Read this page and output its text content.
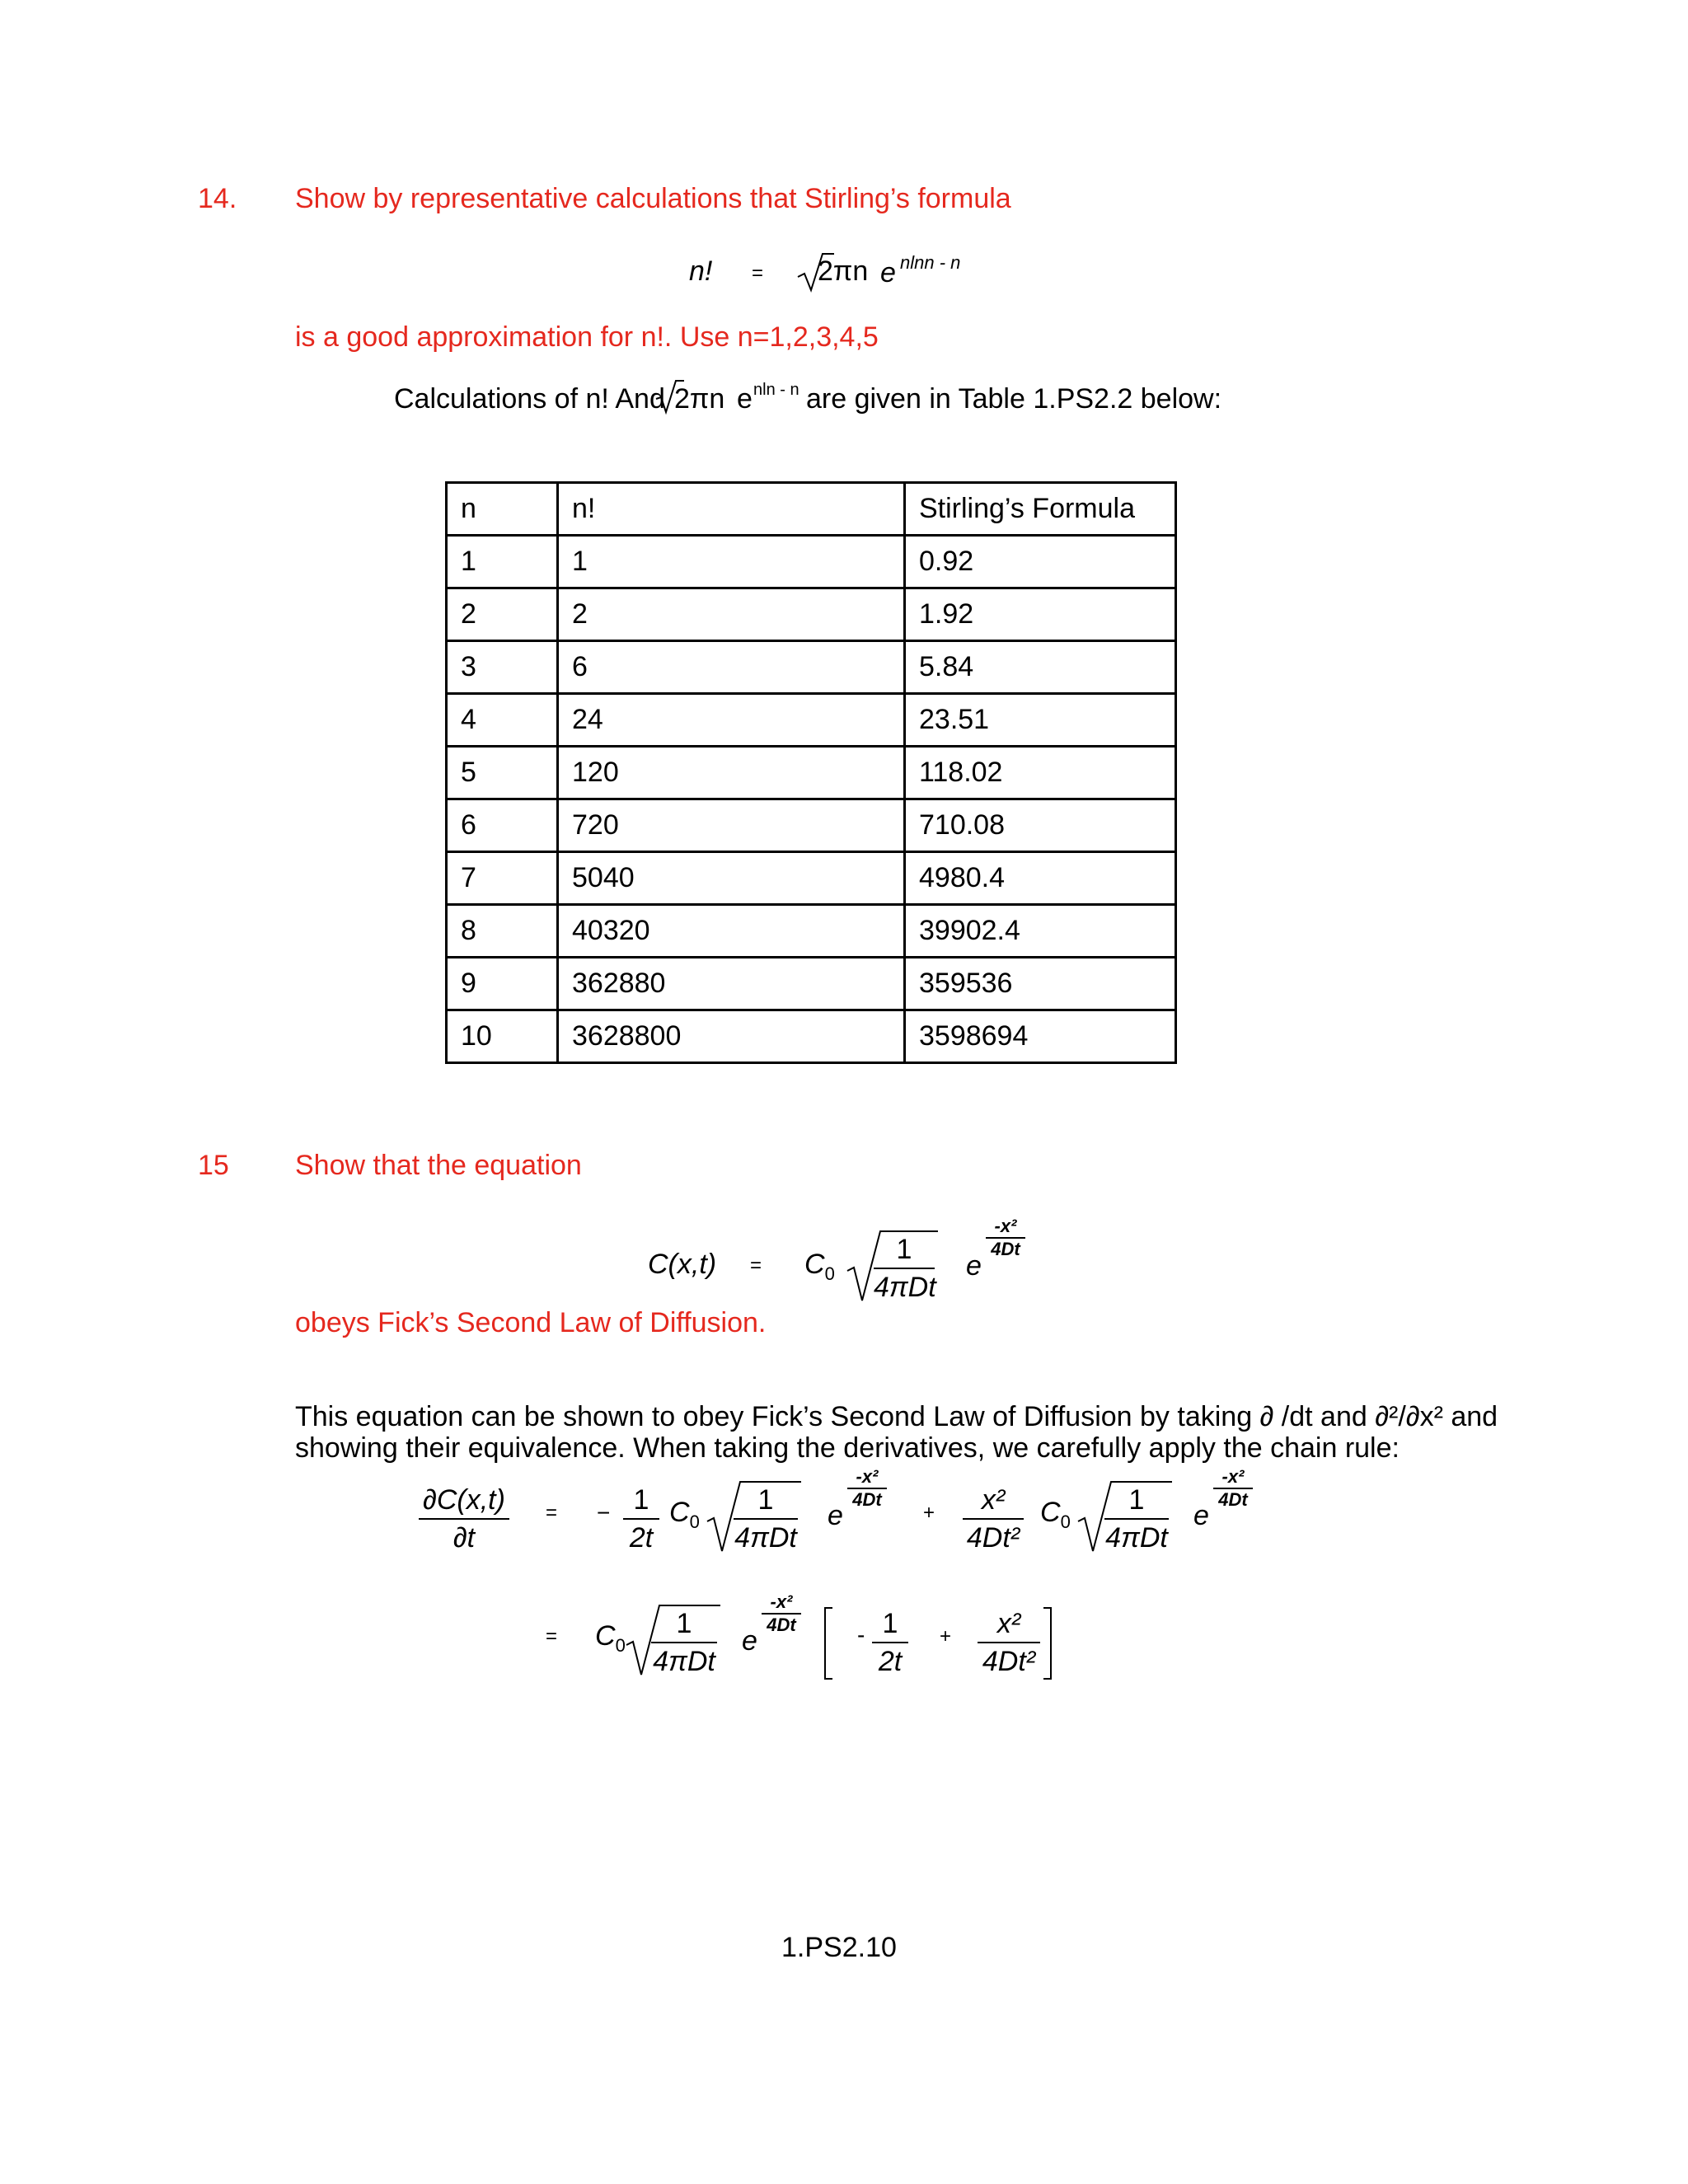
14. Show by representative calculations that Stirling’s formula
n! = 2πn e nlnn - n
is a good approximation for n!. Use n=1,2,3,4,5
Calculations of n! And 2πn e nln - n are given in Table 1.PS2.2 below:
n	n!	Stirling’s Formula
1	1	0.92
2	2	1.92
3	6	5.84
4	24	23.51
5	120	118.02
6	720	710.08
7	5040	4980.4
8	40320	39902.4
9	362880	359536
10	3628800	3598694
15 Show that the equation
$C(x,t) = C_0$
1
4πDt
e
-x²
4Dt
obeys Fick’s Second Law of Diffusion.
This equation can be shown to obey Fick’s Second Law of Diffusion by taking ∂ /dt and ∂²/∂x² and
showing their equivalence. When taking the derivatives, we carefully apply the chain rule:
∂C(x,t)
∂t
= − 1
2t
$C_0$
1
4πDt
e
-x²
4Dt
+	x²
4Dt²
$C_0$
1
4πDt
e
-x²
4Dt
= $C_0$
1
4πDt
e
-x²
4Dt	- 1
2t
+	x²
4Dt²
1.PS2.10
